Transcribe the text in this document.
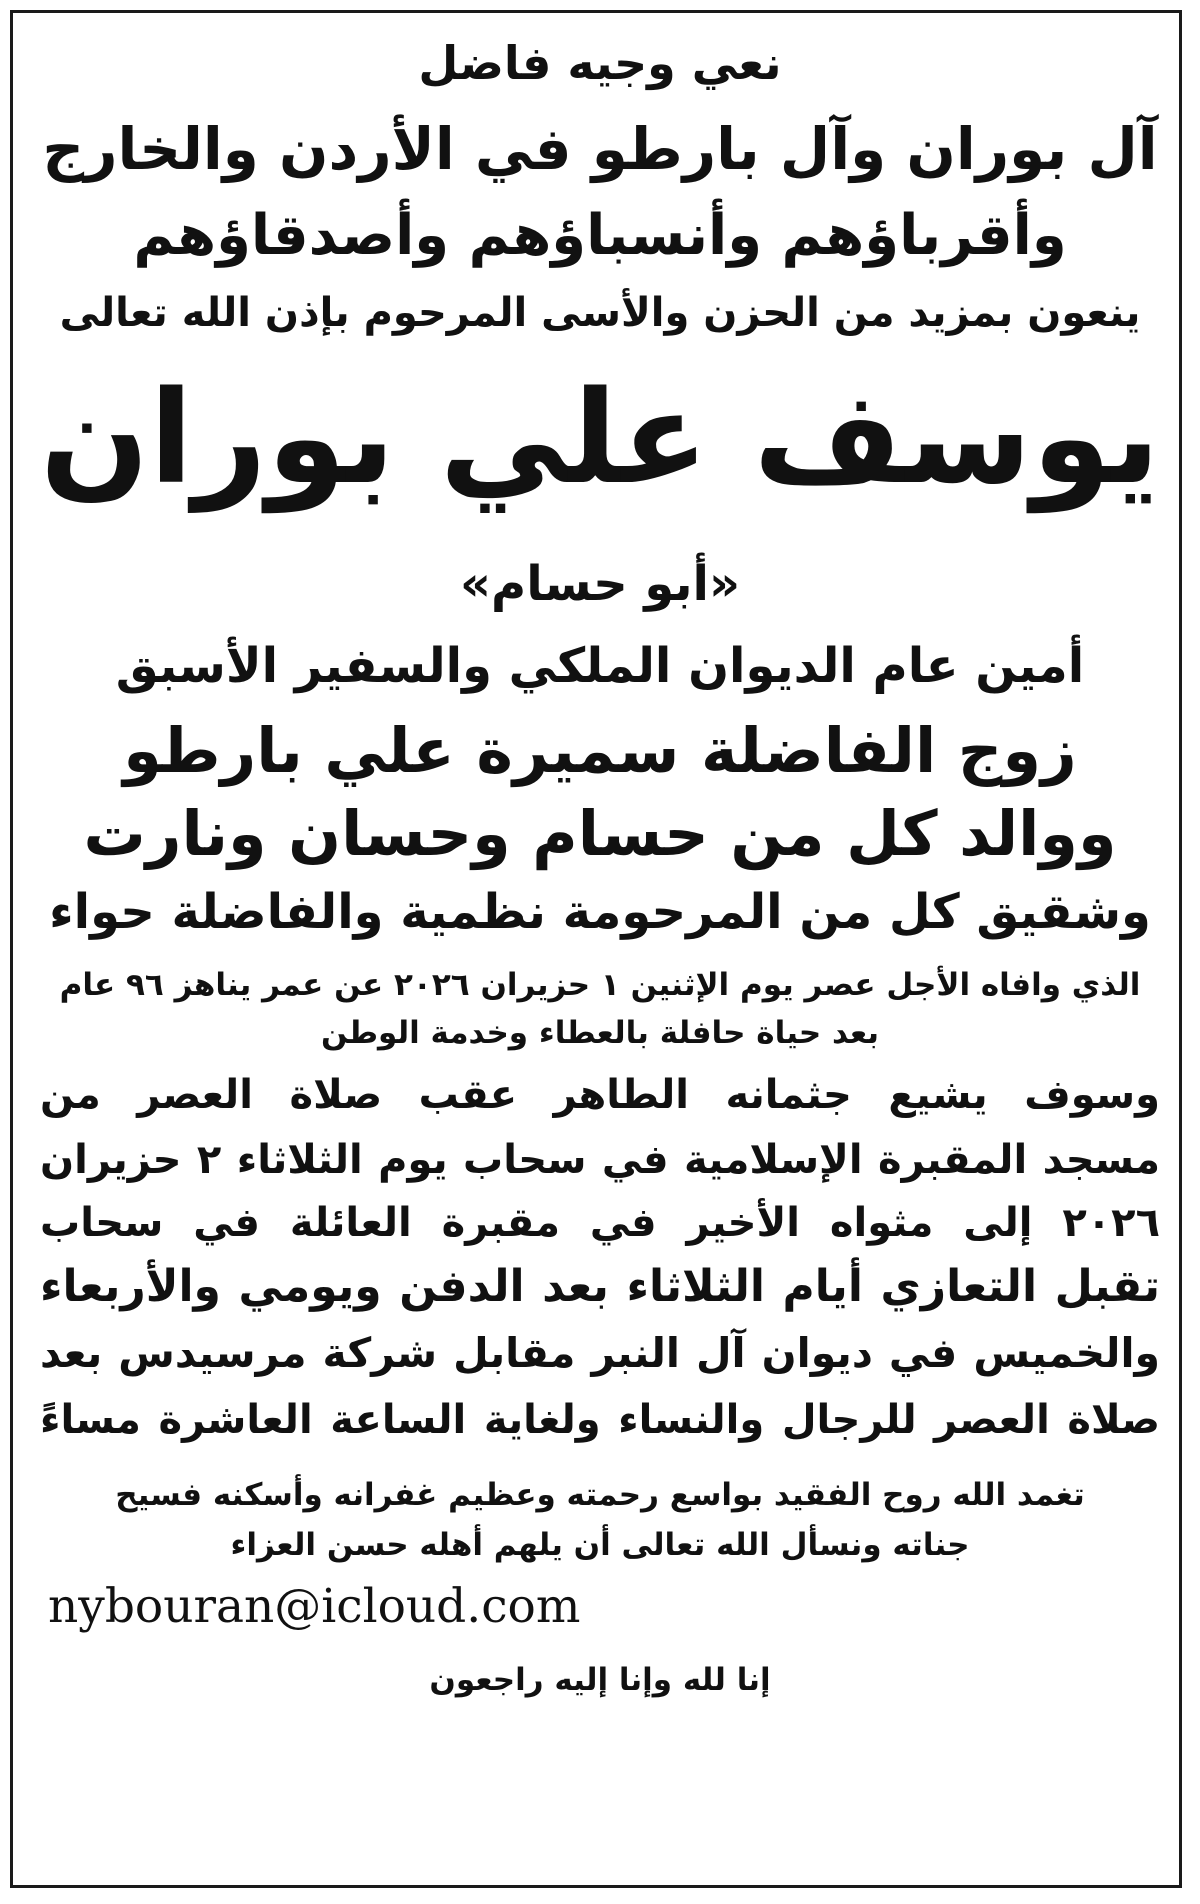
نعي وجيه فاضل
آل بوران وآل بارطو في الأردن والخارج
وأقرباؤهم وأنسباؤهم وأصدقاؤهم
ينعون بمزيد من الحزن والأسى المرحوم بإذن الله تعالى
يوسف علي بوران
«أبو حسام»
أمين عام الديوان الملكي والسفير الأسبق
زوج الفاضلة سميرة علي بارطو
ووالد كل من حسام وحسان ونارت
وشقيق كل من المرحومة نظمية والفاضلة حواء
الذي وافاه الأجل عصر يوم الإثنين ١ حزيران ٢٠٢٦ عن عمر يناهز ٩٦ عام
بعد حياة حافلة بالعطاء وخدمة الوطن
وسوف يشيع جثمانه الطاهر عقب صلاة العصر من
مسجد المقبرة الإسلامية في سحاب يوم الثلاثاء ٢ حزيران
٢٠٢٦ إلى مثواه الأخير في مقبرة العائلة في سحاب
تقبل التعازي أيام الثلاثاء بعد الدفن ويومي والأربعاء
والخميس في ديوان آل النبر مقابل شركة مرسيدس بعد
صلاة العصر للرجال والنساء ولغاية الساعة العاشرة مساءً
تغمد الله روح الفقيد بواسع رحمته وعظيم غفرانه وأسكنه فسيح
جناته ونسأل الله تعالى أن يلهم أهله حسن العزاء
nybouran@icloud.com
إنا لله وإنا إليه راجعون
